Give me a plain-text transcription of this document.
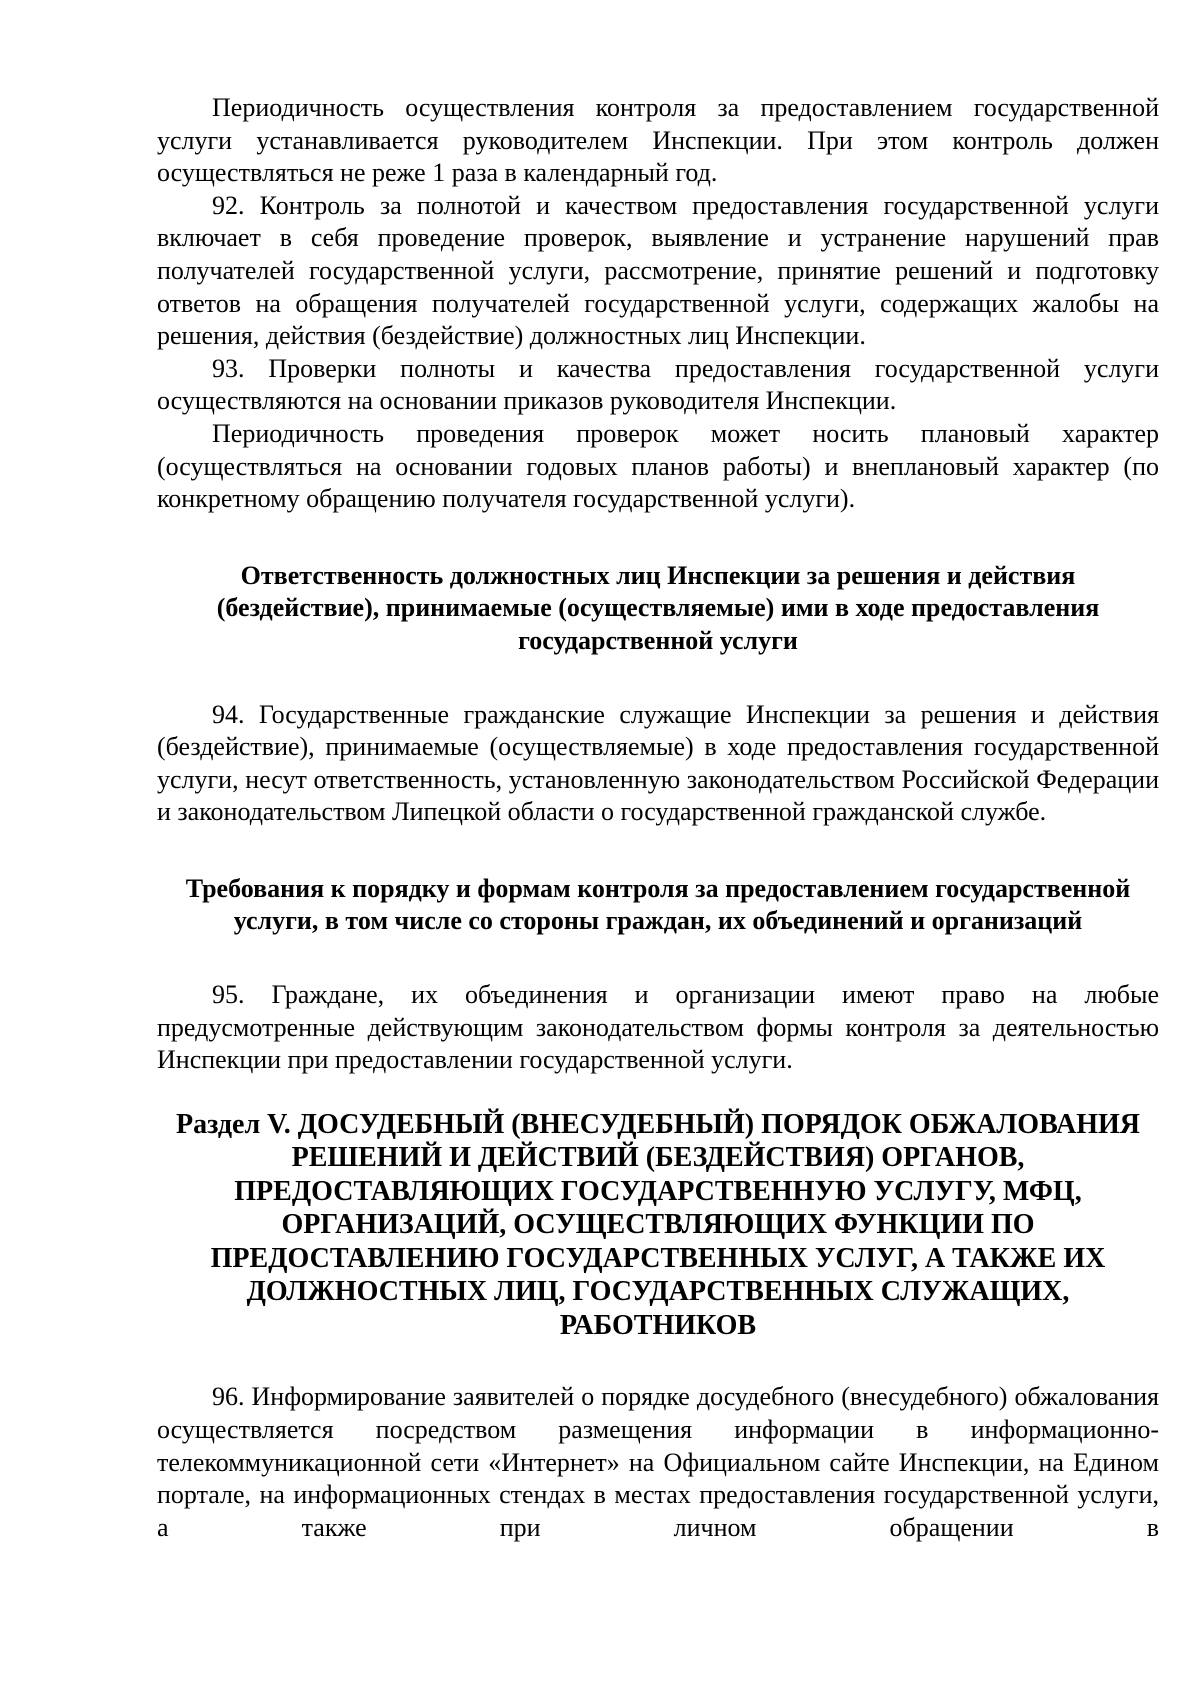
Периодичность осуществления контроля за предоставлением государственной услуги устанавливается руководителем Инспекции. При этом контроль должен осуществляться не реже 1 раза в календарный год.

92. Контроль за полнотой и качеством предоставления государственной услуги включает в себя проведение проверок, выявление и устранение нарушений прав получателей государственной услуги, рассмотрение, принятие решений и подготовку ответов на обращения получателей государственной услуги, содержащих жалобы на решения, действия (бездействие) должностных лиц Инспекции.

93. Проверки полноты и качества предоставления государственной услуги осуществляются на основании приказов руководителя Инспекции.

Периодичность проведения проверок может носить плановый характер (осуществляться на основании годовых планов работы) и внеплановый характер (по конкретному обращению получателя государственной услуги).

Ответственность должностных лиц Инспекции за решения и действия (бездействие), принимаемые (осуществляемые) ими в ходе предоставления государственной услуги

94. Государственные гражданские служащие Инспекции за решения и действия (бездействие), принимаемые (осуществляемые) в ходе предоставления государственной услуги, несут ответственность, установленную законодательством Российской Федерации и законодательством Липецкой области о государственной гражданской службе.

Требования к порядку и формам контроля за предоставлением государственной услуги, в том числе со стороны граждан, их объединений и организаций

95. Граждане, их объединения и организации имеют право на любые предусмотренные действующим законодательством формы контроля за деятельностью Инспекции при предоставлении государственной услуги.

Раздел V. ДОСУДЕБНЫЙ (ВНЕСУДЕБНЫЙ) ПОРЯДОК ОБЖАЛОВАНИЯ РЕШЕНИЙ И ДЕЙСТВИЙ (БЕЗДЕЙСТВИЯ) ОРГАНОВ, ПРЕДОСТАВЛЯЮЩИХ ГОСУДАРСТВЕННУЮ УСЛУГУ, МФЦ, ОРГАНИЗАЦИЙ, ОСУЩЕСТВЛЯЮЩИХ ФУНКЦИИ ПО ПРЕДОСТАВЛЕНИЮ ГОСУДАРСТВЕННЫХ УСЛУГ, А ТАКЖЕ ИХ ДОЛЖНОСТНЫХ ЛИЦ, ГОСУДАРСТВЕННЫХ СЛУЖАЩИХ, РАБОТНИКОВ

96. Информирование заявителей о порядке досудебного (внесудебного) обжалования осуществляется посредством размещения информации в информационно-телекоммуникационной сети «Интернет» на Официальном сайте Инспекции, на Едином портале, на информационных стендах в местах предоставления государственной услуги, а также при личном обращении в
